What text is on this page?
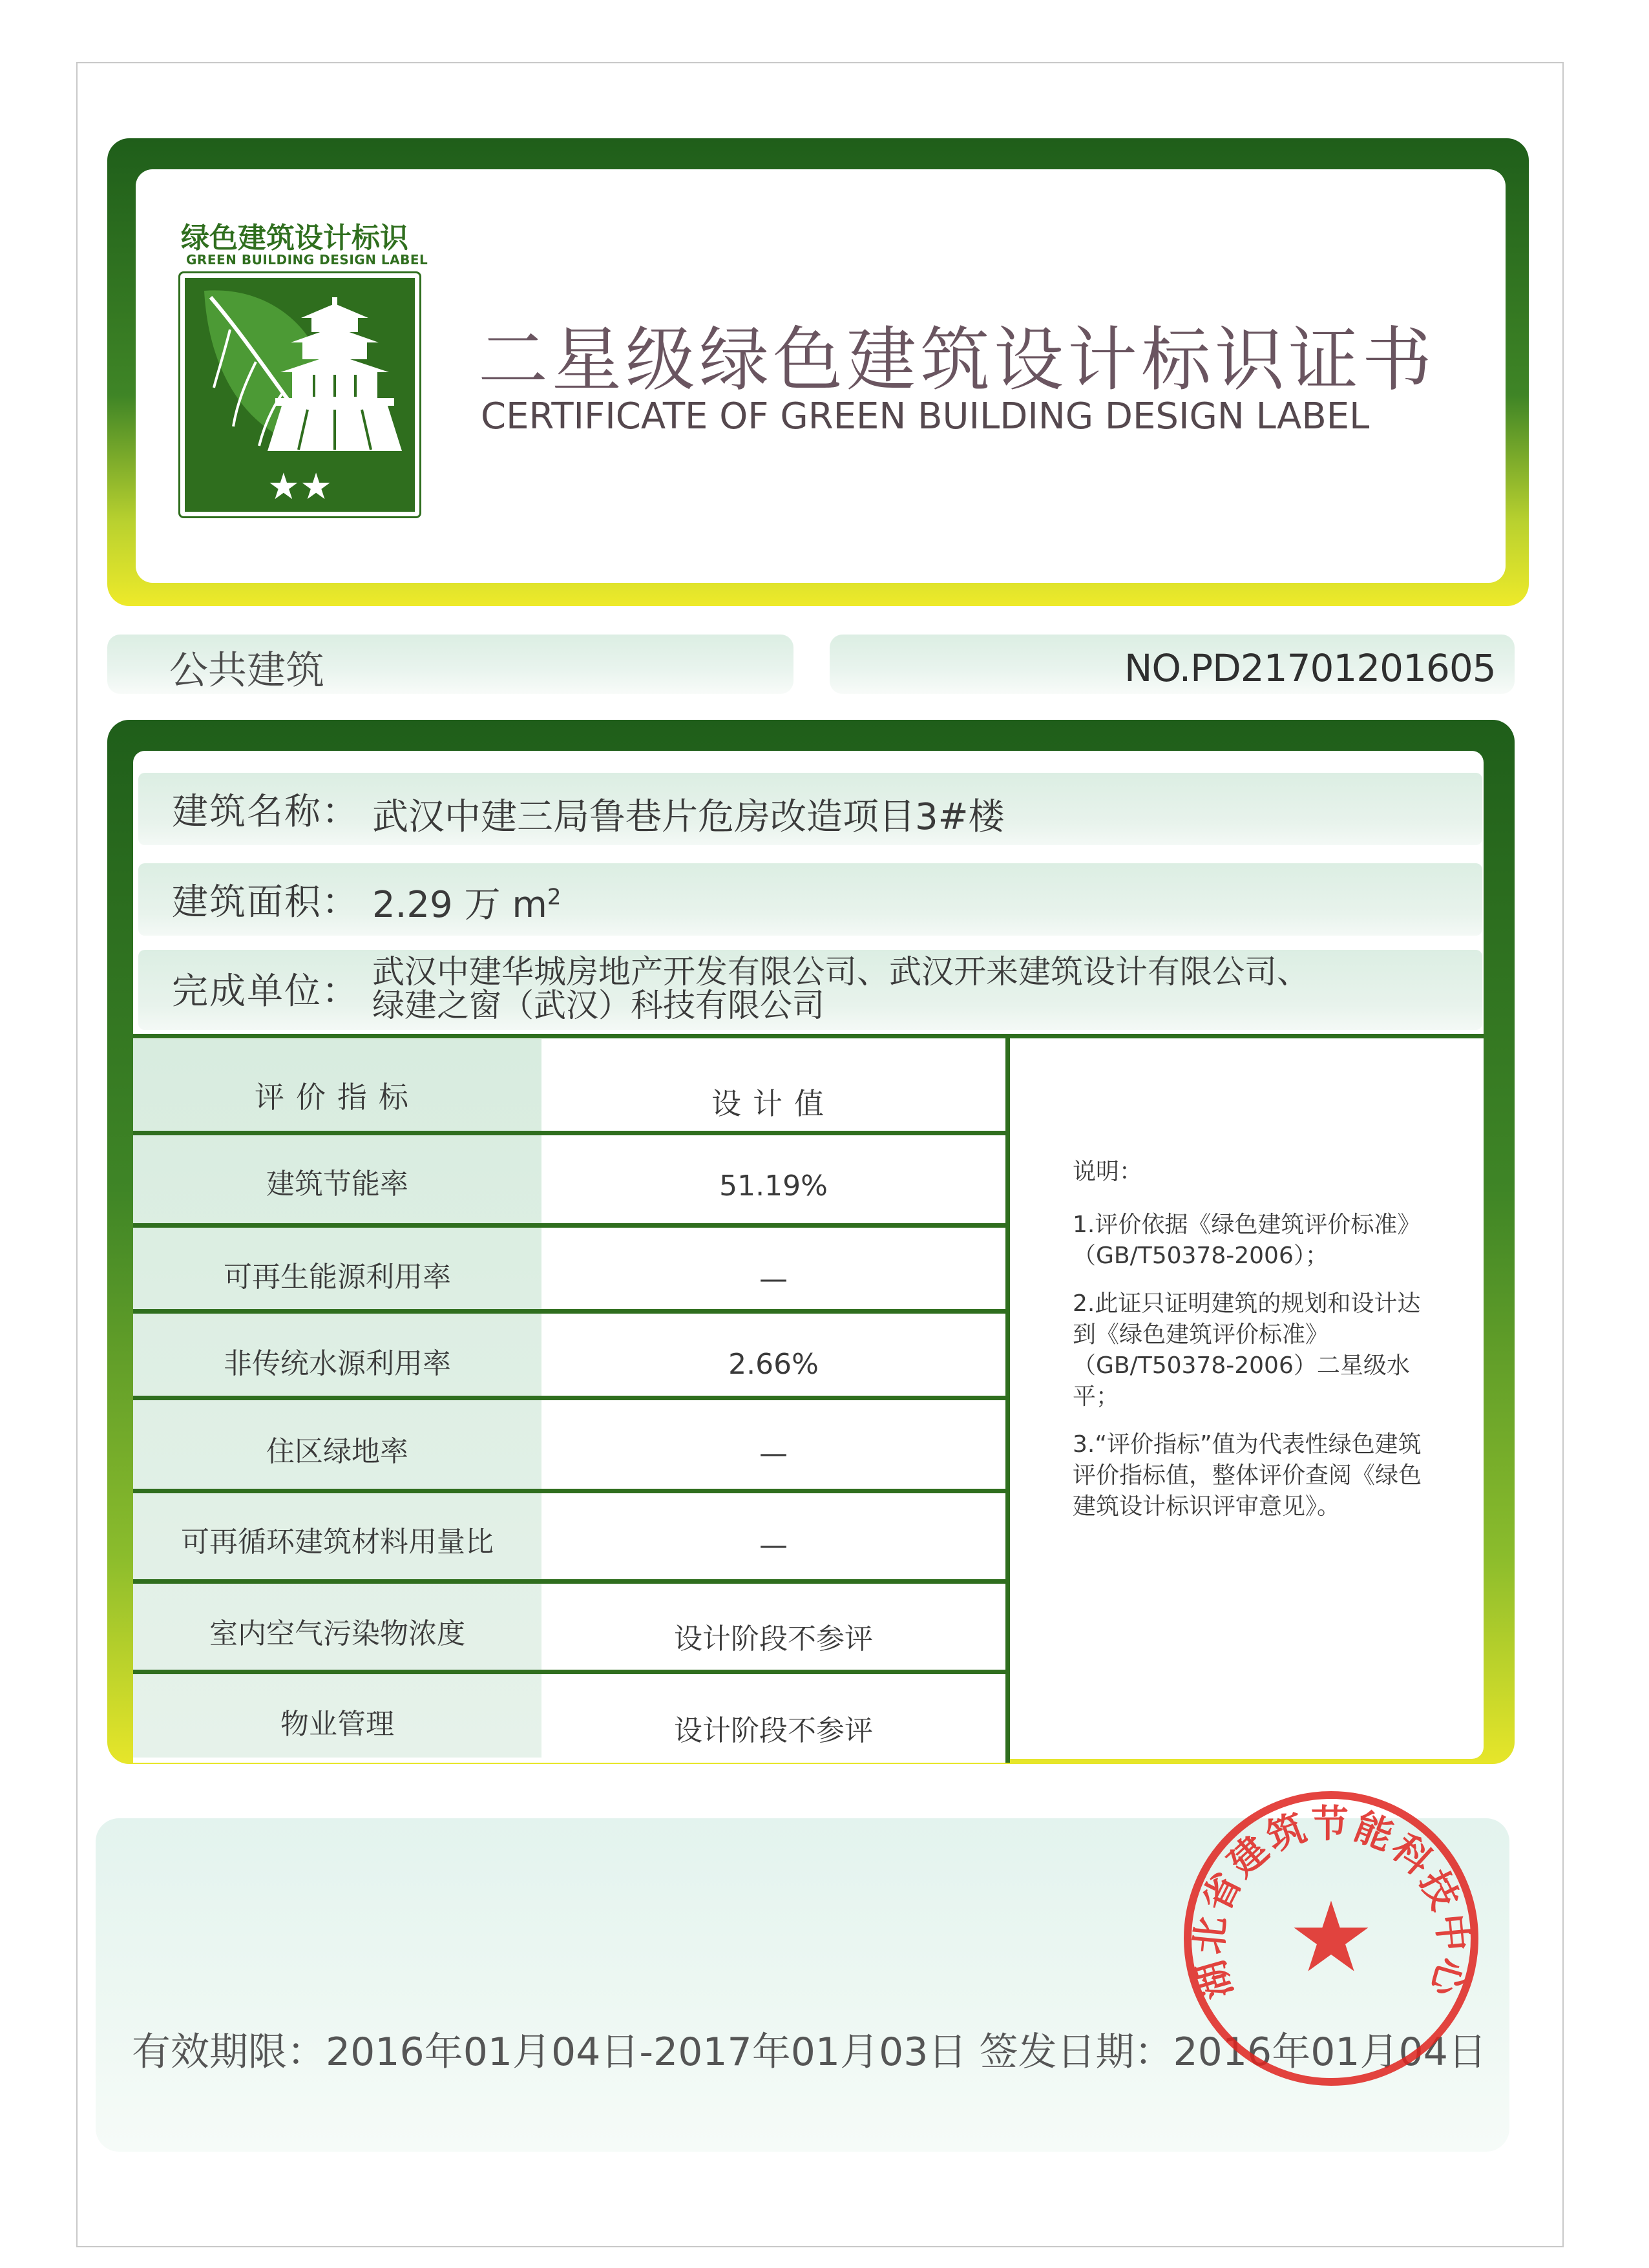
绿色建筑设计标识
GREEN BUILDING DESIGN LABEL
★★
二星级绿色建筑设计标识证书
CERTIFICATE OF GREEN BUILDING DESIGN LABEL
公共建筑	NO.PD21701201605
建筑名称： 武汉中建三局鲁巷片危房改造项目3#楼
建筑面积： 2.29 万 $m^2$
完成单位： 武汉中建华城房地产开发有限公司、武汉开来建筑设计有限公司、
绿建之窗（武汉）科技有限公司
评价指标	设计值
建筑节能率	51.19%
可再生能源利用率	—
非传统水源利用率	2.66%
住区绿地率	—
可再循环建筑材料用量比	—
室内空气污染物浓度	设计阶段不参评
物业管理	设计阶段不参评

说明：

1.评价依据《绿色建筑评价标准》（GB/T50378-2006）；

2.此证只证明建筑的规划和设计达到《绿色建筑评价标准》（GB/T50378-2006）二星级水平；

3.“评价指标”值为代表性绿色建筑评价指标值，整体评价查阅《绿色建筑设计标识评审意见》。

有效期限：2016年01月04日-2017年01月03日 签发日期：2016年01月04日
湖北省建筑节能科技中心
★
